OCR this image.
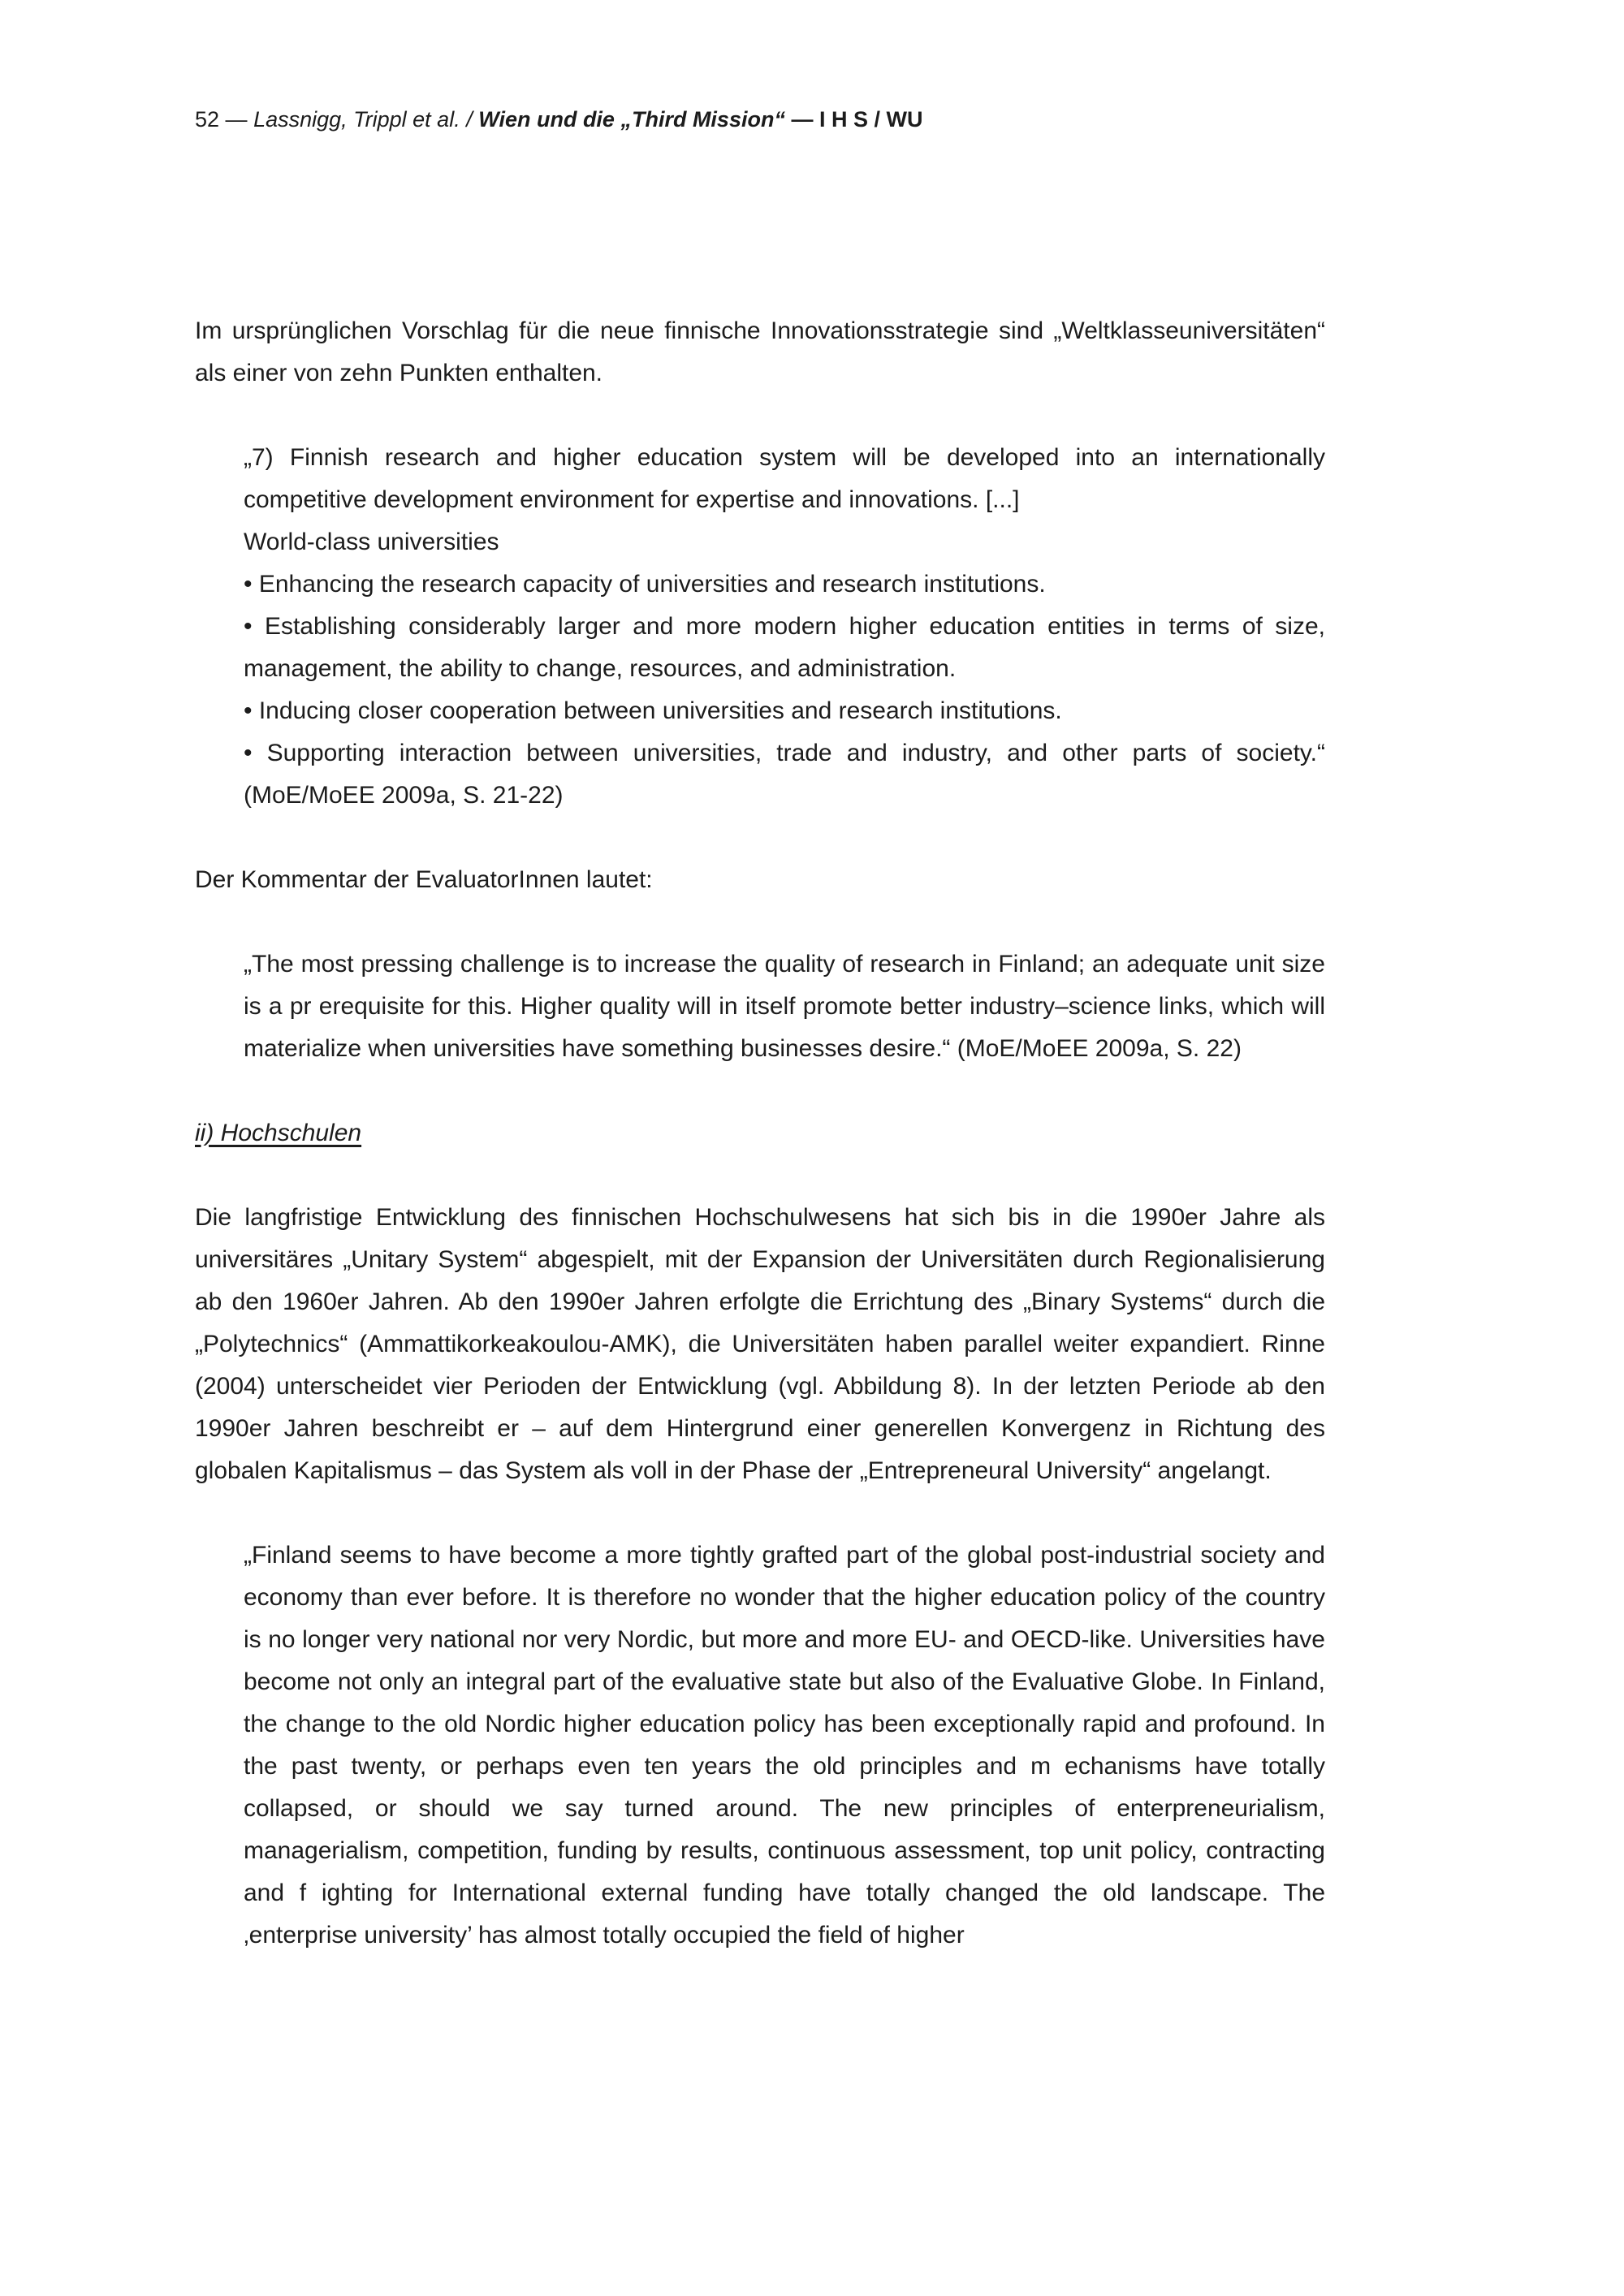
52 — Lassnigg, Trippl et al. / Wien und die „Third Mission“ — I H S / WU

Im ursprünglichen Vorschlag für die neue finnische Innovationsstrategie sind „Weltklasseuniversitäten“ als einer von zehn Punkten enthalten.

„7) Finnish research and higher education system will be developed into an internationally competitive development environment for expertise and innovations. [...]

World-class universities

• Enhancing the research capacity of universities and research institutions.

• Establishing considerably larger and more modern higher education entities in terms of size, management, the ability to change, resources, and administration.

• Inducing closer cooperation between universities and research institutions.

• Supporting interaction between universities, trade and industry, and other parts of society.“ (MoE/MoEE 2009a, S. 21-22)

Der Kommentar der EvaluatorInnen lautet:

„The most pressing challenge is to increase the quality of research in Finland; an adequate unit size is a pr erequisite for this. Higher quality will in itself promote better industry–science links, which will materialize when universities have something businesses desire.“ (MoE/MoEE 2009a, S. 22)

ii) Hochschulen

Die langfristige Entwicklung des finnischen Hochschulwesens hat sich bis in die 1990er Jahre als universitäres „Unitary System“ abgespielt, mit der Expansion der Universitäten durch Regionalisierung ab den 1960er Jahren. Ab den 1990er Jahren erfolgte die Errichtung des „Binary Systems“ durch die „Polytechnics“ (Ammattikorkeakoulou-AMK), die Universitäten haben parallel weiter expandiert. Rinne (2004) unterscheidet vier Perioden der Entwicklung (vgl. Abbildung 8). In der letzten Periode ab den 1990er Jahren beschreibt er – auf dem Hintergrund einer generellen Konvergenz in Richtung des globalen Kapitalismus – das System als voll in der Phase der „Entrepreneural University“ angelangt.

„Finland seems to have become a more tightly grafted part of the global post-industrial society and economy than ever before. It is therefore no wonder that the higher education policy of the country is no longer very national nor very Nordic, but more and more EU- and OECD-like. Universities have become not only an integral part of the evaluative state but also of the Evaluative Globe. In Finland, the change to the old Nordic higher education policy has been exceptionally rapid and profound. In the past twenty, or perhaps even ten years the old principles and m echanisms have totally collapsed, or should we say turned around. The new principles of enterpreneurialism, managerialism, competition, funding by results, continuous assessment, top unit policy, contracting and f ighting for International external funding have totally changed the old landscape. The ‚enterprise university’ has almost totally occupied the field of higher
